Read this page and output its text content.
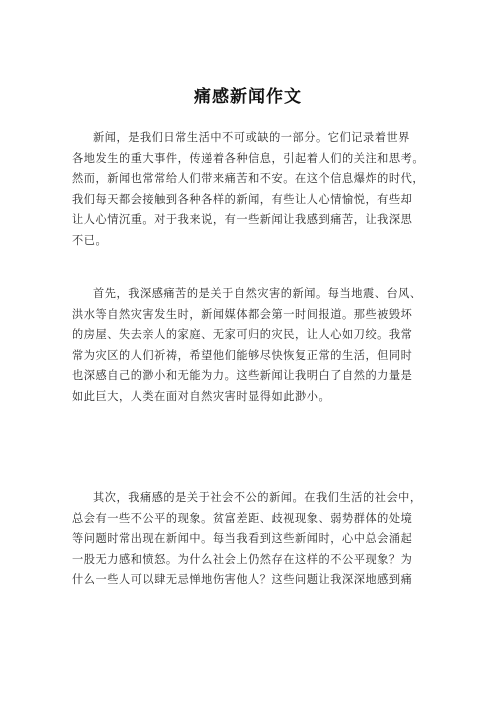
痛感新闻作文
新闻，是我们日常生活中不可或缺的一部分。它们记录着世界
各地发生的重大事件，传递着各种信息，引起着人们的关注和思考。
然而，新闻也常常给人们带来痛苦和不安。在这个信息爆炸的时代，
我们每天都会接触到各种各样的新闻，有些让人心情愉悦，有些却
让人心情沉重。对于我来说，有一些新闻让我感到痛苦，让我深思
不已。
首先，我深感痛苦的是关于自然灾害的新闻。每当地震、台风、
洪水等自然灾害发生时，新闻媒体都会第一时间报道。那些被毁坏
的房屋、失去亲人的家庭、无家可归的灾民，让人心如刀绞。我常
常为灾区的人们祈祷，希望他们能够尽快恢复正常的生活，但同时
也深感自己的渺小和无能为力。这些新闻让我明白了自然的力量是
如此巨大，人类在面对自然灾害时显得如此渺小。
其次，我痛感的是关于社会不公的新闻。在我们生活的社会中，
总会有一些不公平的现象。贫富差距、歧视现象、弱势群体的处境
等问题时常出现在新闻中。每当我看到这些新闻时，心中总会涌起
一股无力感和愤怒。为什么社会上仍然存在这样的不公平现象？为
什么一些人可以肆无忌惮地伤害他人？这些问题让我深深地感到痛
